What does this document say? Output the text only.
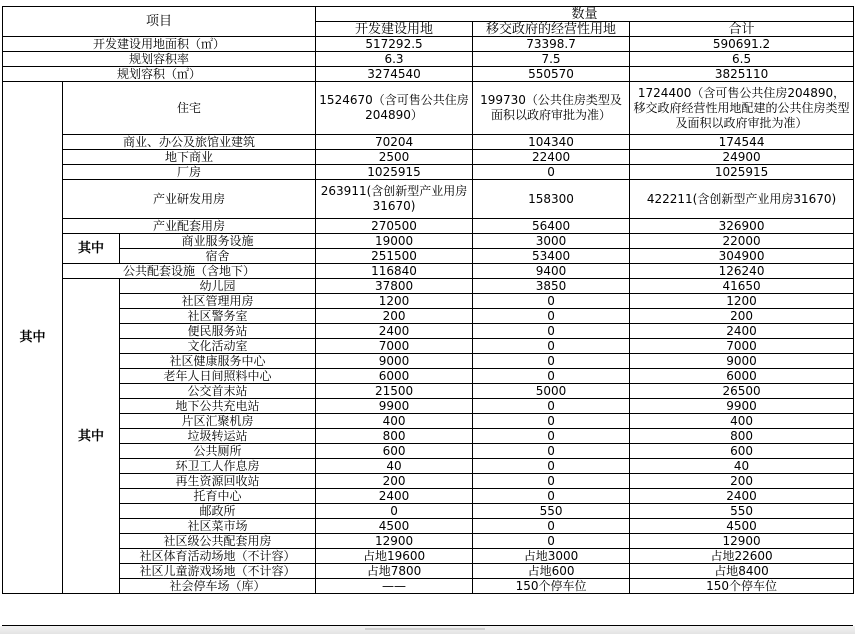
项目			数量		
			开发建设用地	移交政府的经营性用地	合计
开发建设用地面积（㎡）			517292.5	73398.7	590691.2
规划容积率			6.3	7.5	6.5
规划容积（㎡）			3274540	550570	3825110
其中	住宅		1524670（含可售公共住房204890）	199730（公共住房类型及面积以政府审批为准）	1724400（含可售公共住房204890，移交政府经营性用地配建的公共住房类型及面积以政府审批为准）
	商业、办公及旅馆业建筑		70204	104340	174544
	地下商业		2500	22400	24900
	厂房		1025915	0	1025915
	产业研发用房		263911(含创新型产业用房31670)	158300	422211(含创新型产业用房31670)
	产业配套用房		270500	56400	326900
	其中	商业服务设施	19000	3000	22000
		宿舍	251500	53400	304900
	公共配套设施（含地下）		116840	9400	126240
	其中	幼儿园	37800	3850	41650
		社区管理用房	1200	0	1200
		社区警务室	200	0	200
		便民服务站	2400	0	2400
		文化活动室	7000	0	7000
		社区健康服务中心	9000	0	9000
		老年人日间照料中心	6000	0	6000
		公交首末站	21500	5000	26500
		地下公共充电站	9900	0	9900
		片区汇聚机房	400	0	400
		垃圾转运站	800	0	800
		公共厕所	600	0	600
		环卫工人作息房	40	0	40
		再生资源回收站	200	0	200
		托育中心	2400	0	2400
		邮政所	0	550	550
		社区菜市场	4500	0	4500
		社区级公共配套用房	12900	0	12900
		社区体育活动场地（不计容）	占地19600	占地3000	占地22600
		社区儿童游戏场地（不计容）	占地7800	占地600	占地8400
		社会停车场（库）	——	150个停车位	150个停车位
